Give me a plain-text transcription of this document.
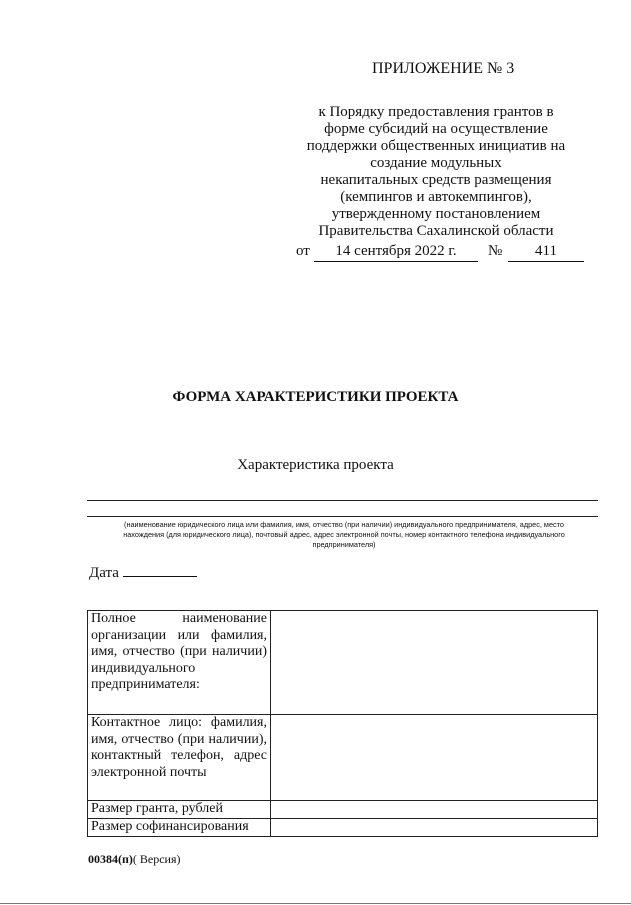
ПРИЛОЖЕНИЕ № 3
к Порядку предоставления грантов в
форме субсидий на осуществление
поддержки общественных инициатив на
создание модульных
некапитальных средств размещения
(кемпингов и автокемпингов),
утвержденному постановлением
Правительства Сахалинской области
от	14 сентября 2022 г.	№	411
ФОРМА ХАРАКТЕРИСТИКИ ПРОЕКТА
Характеристика проекта
(наименование юридического лица или фамилия, имя, отчество (при наличии) индивидуального предпринимателя, адрес, место нахождения (для юридического лица), почтовый адрес, адрес электронной почты, номер контактного телефона индивидуального предпринимателя)
Дата
Полное наименование организации или фамилия, имя, отчество (при наличии) индивидуального предпринимателя:	
Контактное лицо: фамилия, имя, отчество (при наличии), контактный телефон, адрес электронной почты	
Размер гранта, рублей	
Размер софинансирования	
00384(п)( Версия)
